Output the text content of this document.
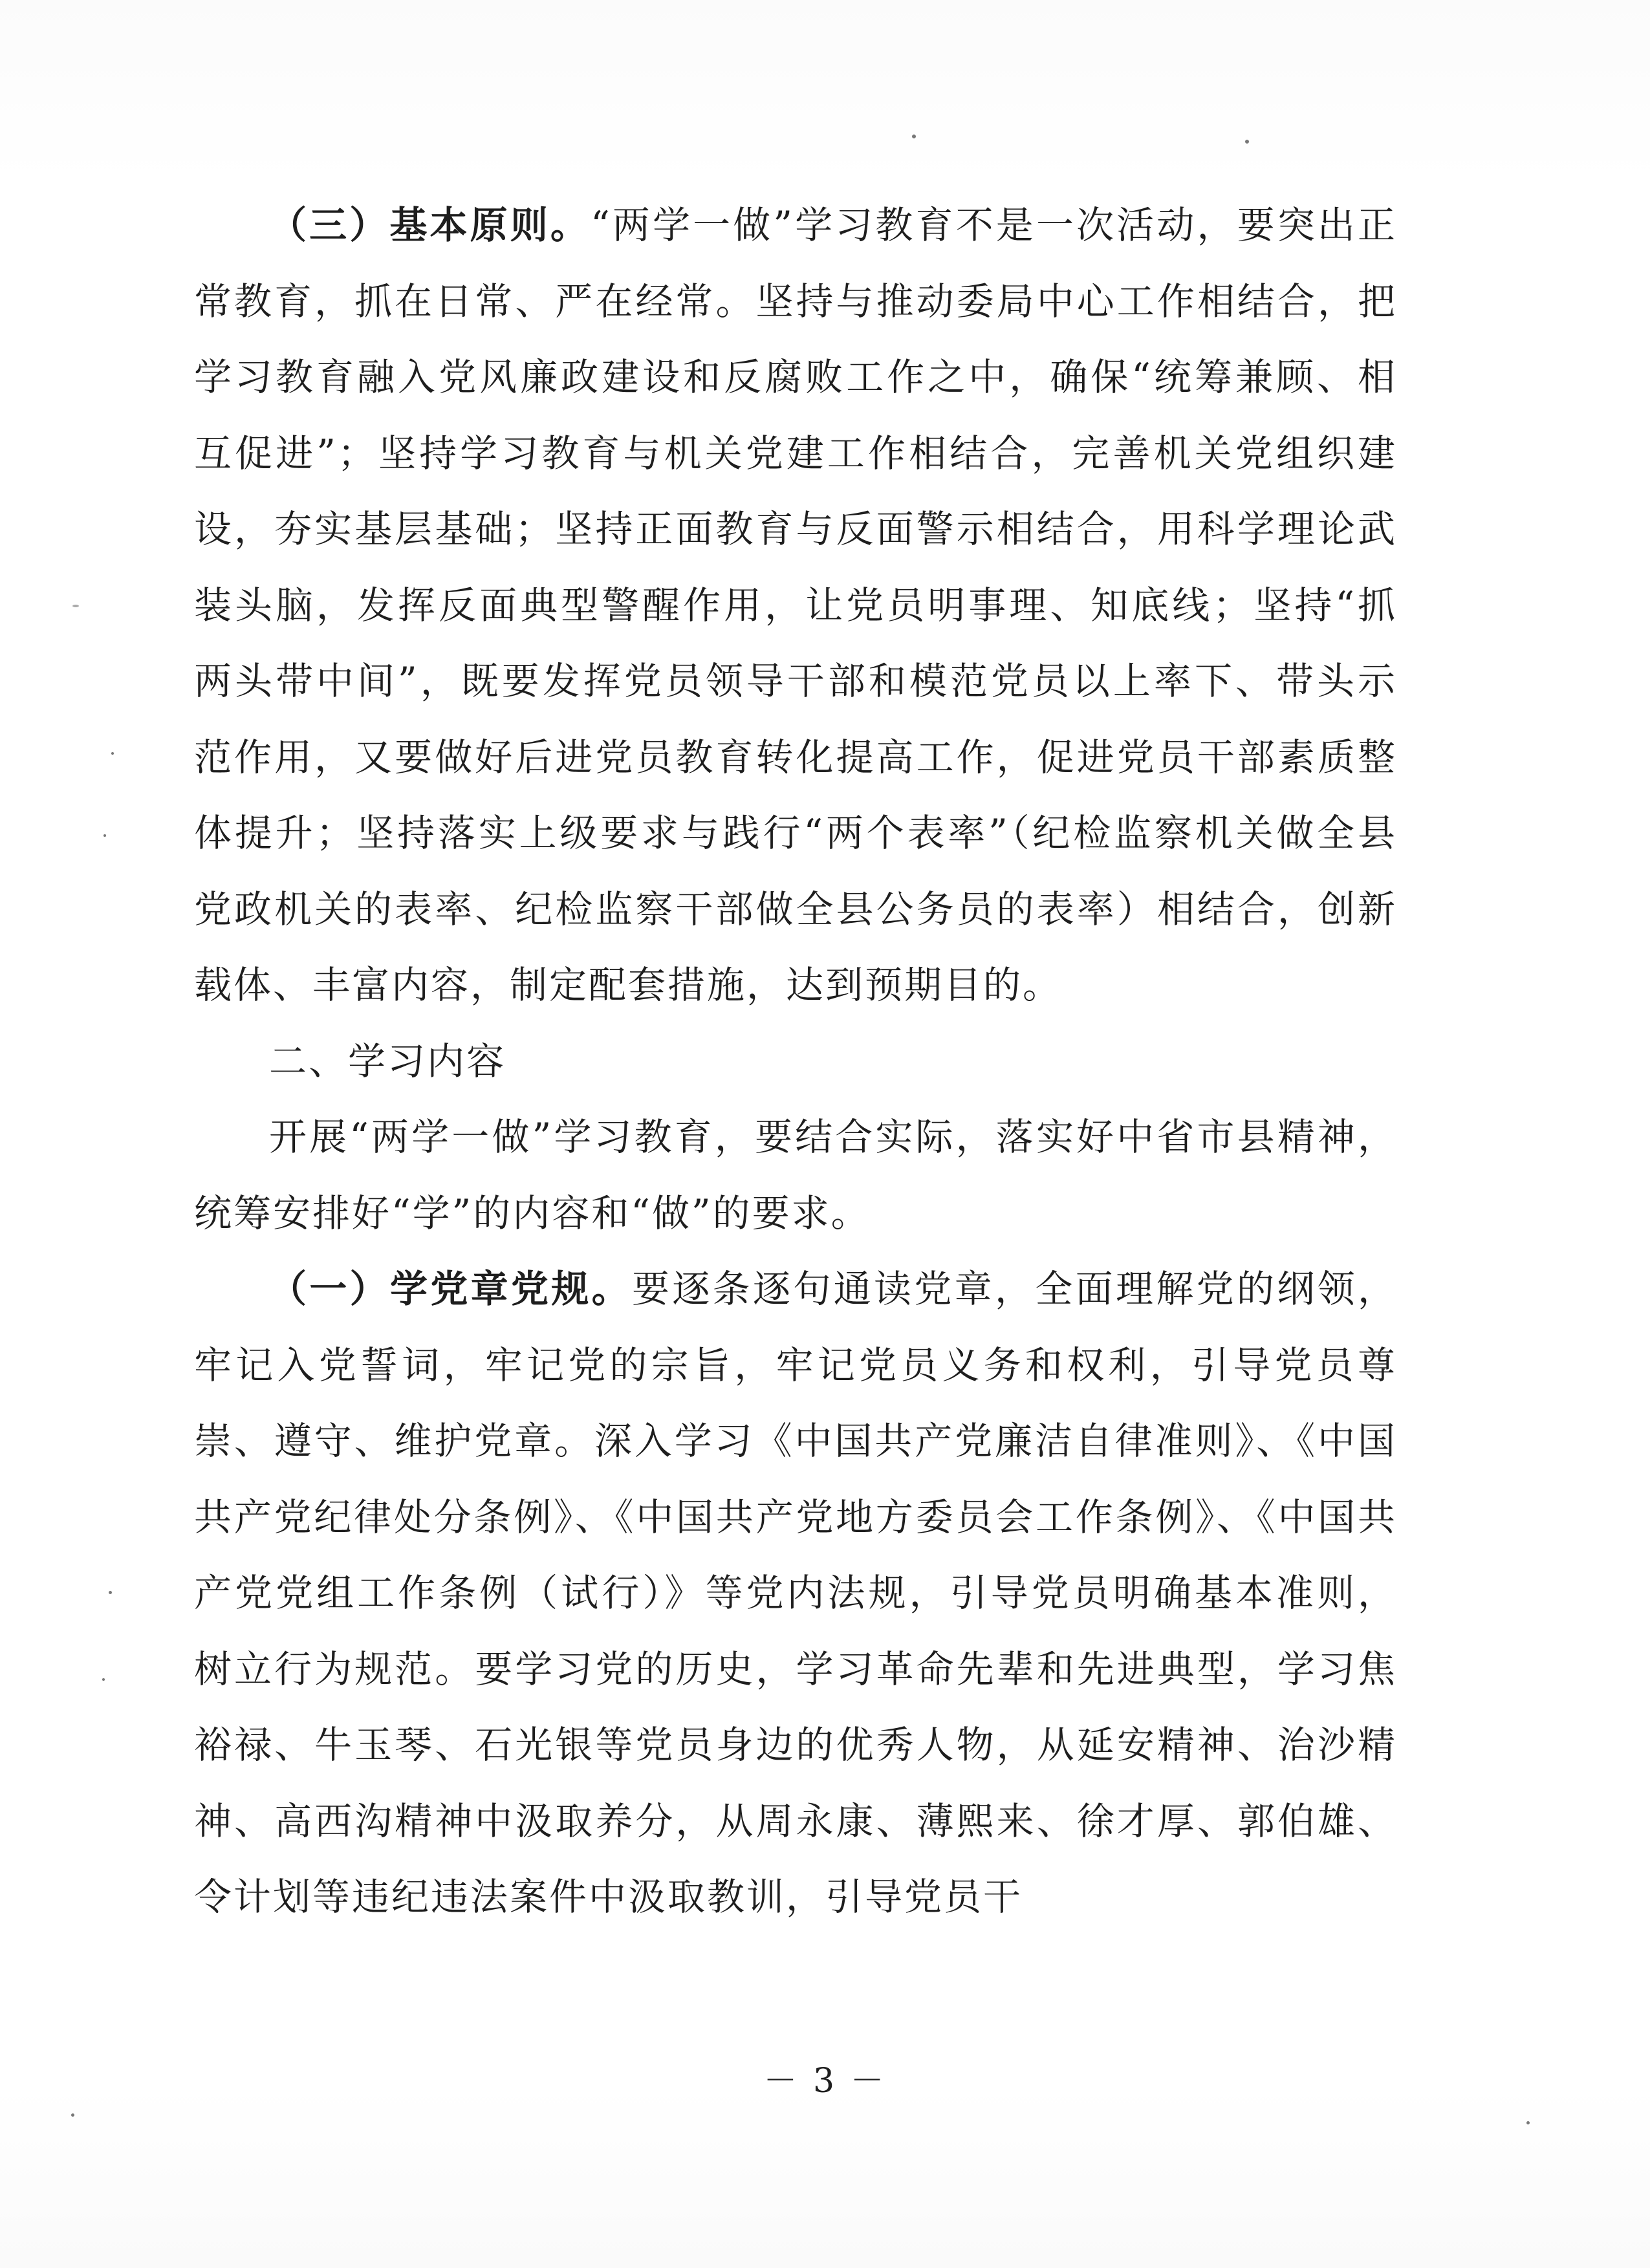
（三）基本原则。“两学一做”学习教育不是一次活动，要突出正常教育，抓在日常、严在经常。坚持与推动委局中心工作相结合，把学习教育融入党风廉政建设和反腐败工作之中，确保“统筹兼顾、相互促进”；坚持学习教育与机关党建工作相结合，完善机关党组织建设，夯实基层基础；坚持正面教育与反面警示相结合，用科学理论武装头脑，发挥反面典型警醒作用，让党员明事理、知底线；坚持“抓两头带中间”，既要发挥党员领导干部和模范党员以上率下、带头示范作用，又要做好后进党员教育转化提高工作，促进党员干部素质整体提升；坚持落实上级要求与践行“两个表率”（纪检监察机关做全县党政机关的表率、纪检监察干部做全县公务员的表率）相结合，创新载体、丰富内容，制定配套措施，达到预期目的。

二、学习内容

开展“两学一做”学习教育，要结合实际，落实好中省市县精神，统筹安排好“学”的内容和“做”的要求。

（一）学党章党规。要逐条逐句通读党章，全面理解党的纲领，牢记入党誓词，牢记党的宗旨，牢记党员义务和权利，引导党员尊崇、遵守、维护党章。深入学习《中国共产党廉洁自律准则》、《中国共产党纪律处分条例》、《中国共产党地方委员会工作条例》、《中国共产党党组工作条例（试行）》等党内法规，引导党员明确基本准则，树立行为规范。要学习党的历史，学习革命先辈和先进典型，学习焦裕禄、牛玉琴、石光银等党员身边的优秀人物，从延安精神、治沙精神、高西沟精神中汲取养分，从周永康、薄熙来、徐才厚、郭伯雄、令计划等违纪违法案件中汲取教训，引导党员干

－ 3 －
